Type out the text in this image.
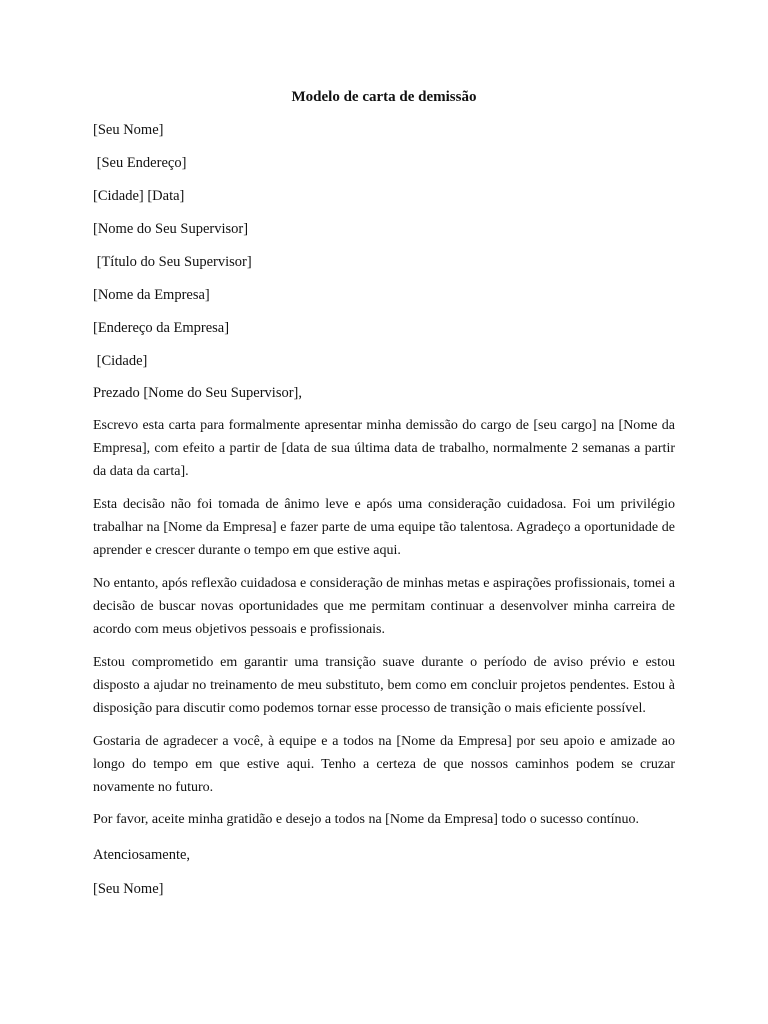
Modelo de carta de demissão
[Seu Nome]
[Seu Endereço]
[Cidade] [Data]
[Nome do Seu Supervisor]
[Título do Seu Supervisor]
[Nome da Empresa]
[Endereço da Empresa]
[Cidade]
Prezado [Nome do Seu Supervisor],
Escrevo esta carta para formalmente apresentar minha demissão do cargo de [seu cargo] na [Nome da Empresa], com efeito a partir de [data de sua última data de trabalho, normalmente 2 semanas a partir da data da carta].
Esta decisão não foi tomada de ânimo leve e após uma consideração cuidadosa. Foi um privilégio trabalhar na [Nome da Empresa] e fazer parte de uma equipe tão talentosa. Agradeço a oportunidade de aprender e crescer durante o tempo em que estive aqui.
No entanto, após reflexão cuidadosa e consideração de minhas metas e aspirações profissionais, tomei a decisão de buscar novas oportunidades que me permitam continuar a desenvolver minha carreira de acordo com meus objetivos pessoais e profissionais.
Estou comprometido em garantir uma transição suave durante o período de aviso prévio e estou disposto a ajudar no treinamento de meu substituto, bem como em concluir projetos pendentes. Estou à disposição para discutir como podemos tornar esse processo de transição o mais eficiente possível.
Gostaria de agradecer a você, à equipe e a todos na [Nome da Empresa] por seu apoio e amizade ao longo do tempo em que estive aqui. Tenho a certeza de que nossos caminhos podem se cruzar novamente no futuro.
Por favor, aceite minha gratidão e desejo a todos na [Nome da Empresa] todo o sucesso contínuo.
Atenciosamente,
[Seu Nome]
